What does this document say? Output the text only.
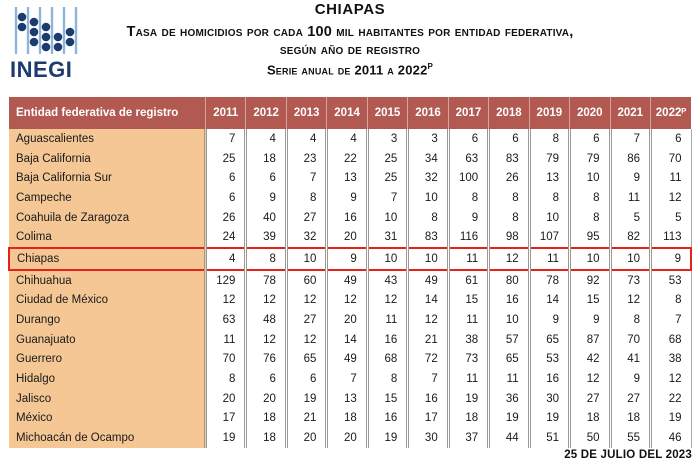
INEGI
CHIAPAS
Tasa de homicidios por cada 100 mil habitantes por entidad federativa,
según año de registro
Serie anual de 2011 a $2022^P$
Entidad federativa de registro	2011	2012	2013	2014	2015	2016	2017	2018	2019	2020	2021	2022ᴾ
Aguascalientes	7	4	4	4	3	3	6	6	8	6	7	6
Baja California	25	18	23	22	25	34	63	83	79	79	86	70
Baja California Sur	6	6	7	13	25	32	100	26	13	10	9	11
Campeche	6	9	8	9	7	10	8	8	8	8	11	12
Coahuila de Zaragoza	26	40	27	16	10	8	9	8	10	8	5	5
Colima	24	39	32	20	31	83	116	98	107	95	82	113
Chiapas	4	8	10	9	10	10	11	12	11	10	10	9
Chihuahua	129	78	60	49	43	49	61	80	78	92	73	53
Ciudad de México	12	12	12	12	12	14	15	16	14	15	12	8
Durango	63	48	27	20	11	12	11	10	9	9	8	7
Guanajuato	11	12	12	14	16	21	38	57	65	87	70	68
Guerrero	70	76	65	49	68	72	73	65	53	42	41	38
Hidalgo	8	6	6	7	8	7	11	11	16	12	9	12
Jalisco	20	20	19	13	15	16	19	36	30	27	27	22
México	17	18	21	18	16	17	18	19	19	18	18	19
Michoacán de Ocampo	19	18	20	20	19	30	37	44	51	50	55	46
25 DE JULIO DEL 2023
